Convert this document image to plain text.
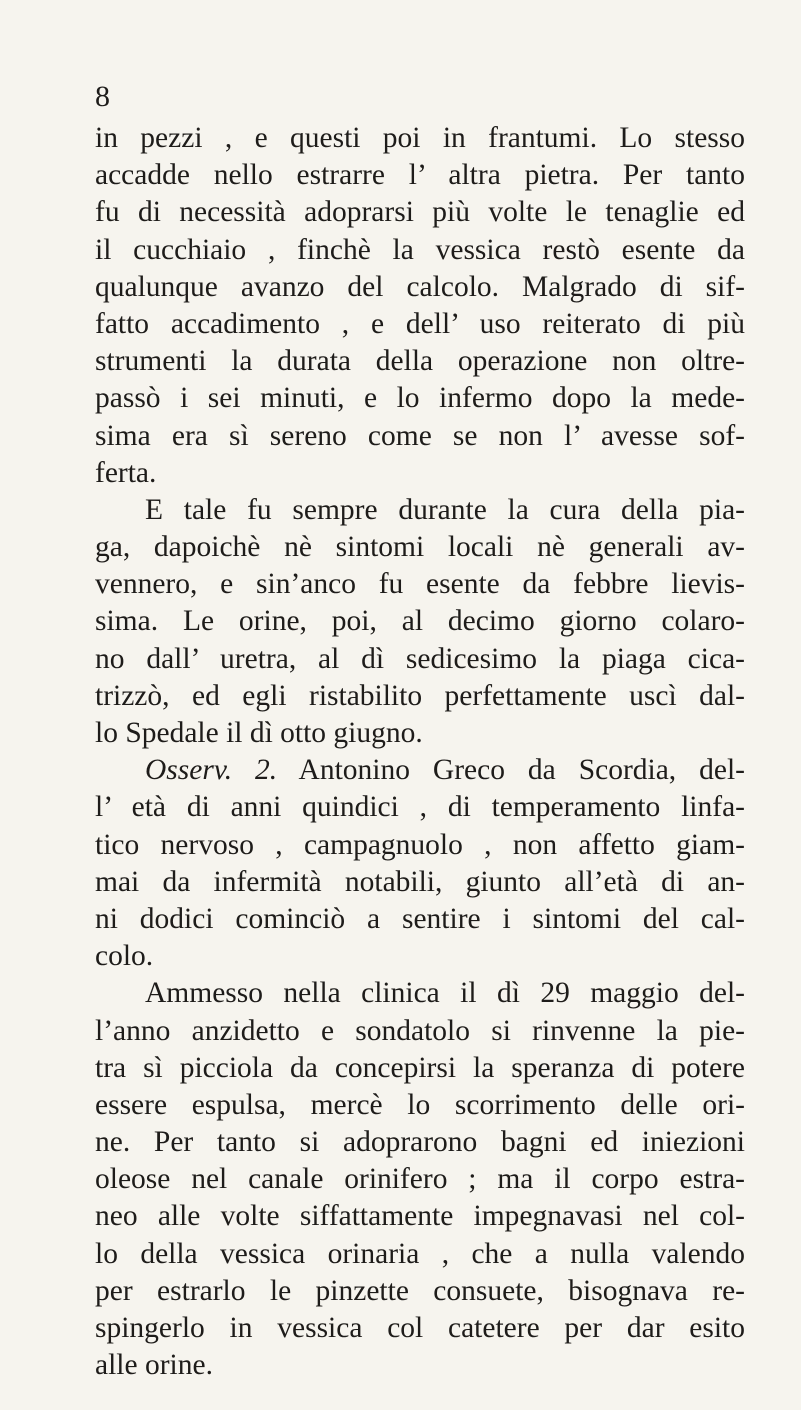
8

in pezzi , e questi poi in frantumi. Lo stesso
accadde nello estrarre l’ altra pietra. Per tanto
fu di necessità adoprarsi più volte le tenaglie ed
il cucchiaio , finchè la vessica restò esente da
qualunque avanzo del calcolo. Malgrado di sif-
fatto accadimento , e dell’ uso reiterato di più
strumenti la durata della operazione non oltre-
passò i sei minuti, e lo infermo dopo la mede-
sima era sì sereno come se non l’ avesse sof-
ferta.
E tale fu sempre durante la cura della pia-
ga, dapoichè nè sintomi locali nè generali av-
vennero, e sin’anco fu esente da febbre lievis-
sima. Le orine, poi, al decimo giorno colaro-
no dall’ uretra, al dì sedicesimo la piaga cica-
trizzò, ed egli ristabilito perfettamente uscì dal-
lo Spedale il dì otto giugno.
Osserv. 2. Antonino Greco da Scordia, del-
l’ età di anni quindici , di temperamento linfa-
tico nervoso , campagnuolo , non affetto giam-
mai da infermità notabili, giunto all’età di an-
ni dodici cominciò a sentire i sintomi del cal-
colo.
Ammesso nella clinica il dì 29 maggio del-
l’anno anzidetto e sondatolo si rinvenne la pie-
tra sì picciola da concepirsi la speranza di potere
essere espulsa, mercè lo scorrimento delle ori-
ne. Per tanto si adoprarono bagni ed iniezioni
oleose nel canale orinifero ; ma il corpo estra-
neo alle volte siffattamente impegnavasi nel col-
lo della vessica orinaria , che a nulla valendo
per estrarlo le pinzette consuete, bisognava re-
spingerlo in vessica col catetere per dar esito
alle orine.
